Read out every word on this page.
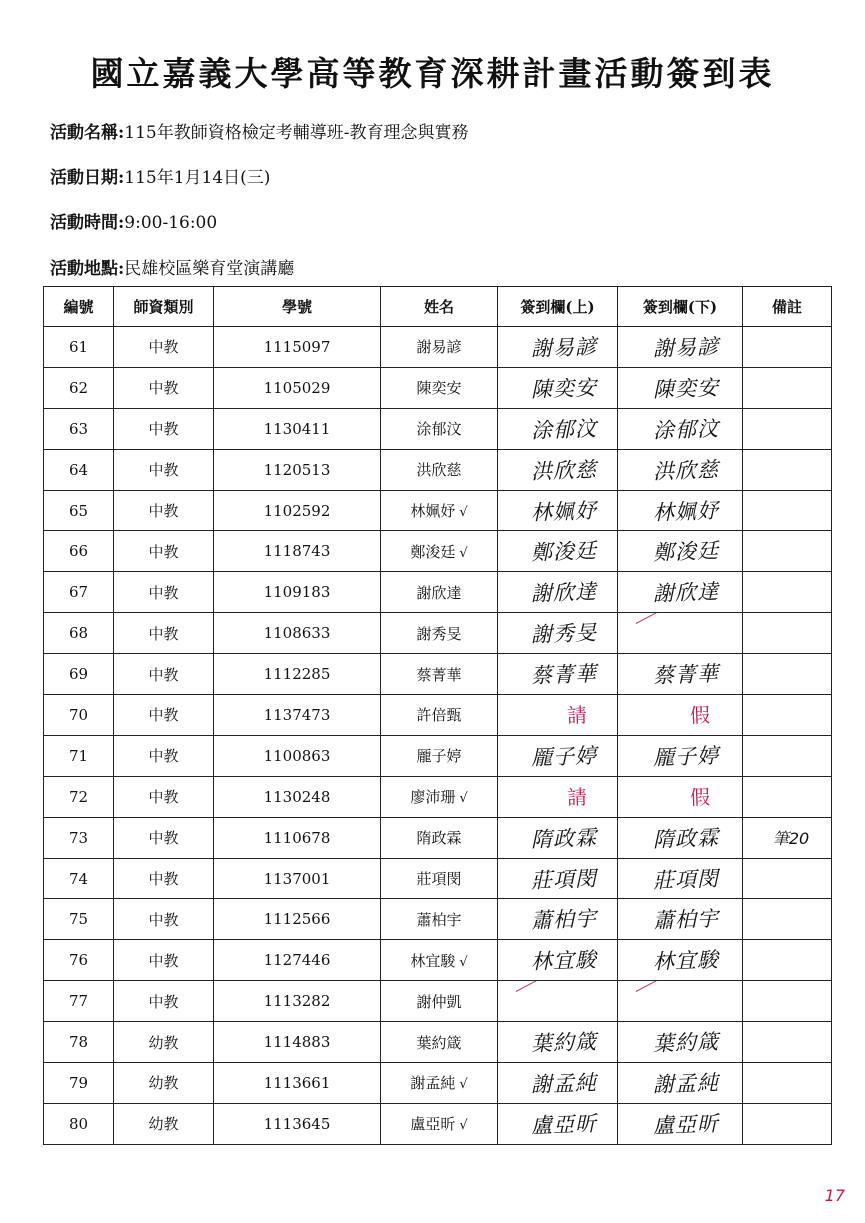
國立嘉義大學高等教育深耕計畫活動簽到表
活動名稱:115年教師資格檢定考輔導班-教育理念與實務
活動日期:115年1月14日(三)
活動時間:9:00-16:00
活動地點:民雄校區樂育堂演講廳
編號	師資類別	學號	姓名	簽到欄(上)	簽到欄(下)	備註
61	中教	1115097	謝易諺	謝易諺	謝易諺	
62	中教	1105029	陳奕安	陳奕安	陳奕安	
63	中教	1130411	涂郁汶	涂郁汶	涂郁汶	
64	中教	1120513	洪欣慈	洪欣慈	洪欣慈	
65	中教	1102592	林姵妤 √	林姵妤	林姵妤	
66	中教	1118743	鄭浚廷 √	鄭浚廷	鄭浚廷	
67	中教	1109183	謝欣達	謝欣達	謝欣達	
68	中教	1108633	謝秀旻	謝秀旻	

69	中教	1112285	蔡菁華	蔡菁華	蔡菁華	
70	中教	1137473	許倍甄	請	假	
71	中教	1100863	龎子婷	龎子婷	龎子婷	
72	中教	1130248	廖沛珊 √	請	假	
73	中教	1110678	隋政霖	隋政霖	隋政霖	筆20
74	中教	1137001	莊項閔	莊項閔	莊項閔	
75	中教	1112566	蕭柏宇	蕭柏宇	蕭柏宇	
76	中教	1127446	林宜駿 √	林宜駿	林宜駿	
77	中教	1113282	謝仲凱	

78	幼教	1114883	葉約箴	葉約箴	葉約箴	
79	幼教	1113661	謝孟純 √	謝孟純	謝孟純	
80	幼教	1113645	盧亞昕 √	盧亞昕	盧亞昕	
17
